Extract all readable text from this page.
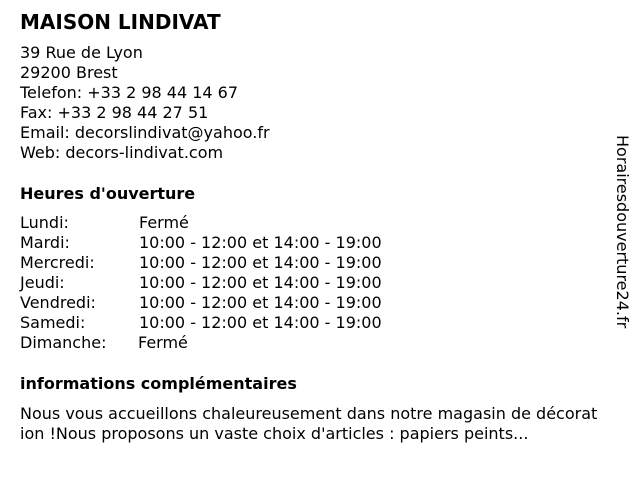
MAISON LINDIVAT
39 Rue de Lyon
29200 Brest
Telefon: +33 2 98 44 14 67
Fax: +33 2 98 44 27 51
Email: decorslindivat@yahoo.fr
Web: decors-lindivat.com
Heures d'ouverture
Lundi:	Fermé
Mardi:	10:00 - 12:00 et 14:00 - 19:00
Mercredi:	10:00 - 12:00 et 14:00 - 19:00
Jeudi:	10:00 - 12:00 et 14:00 - 19:00
Vendredi:	10:00 - 12:00 et 14:00 - 19:00
Samedi:	10:00 - 12:00 et 14:00 - 19:00
Dimanche: Fermé
informations complémentaires
Nous vous accueillons chaleureusement dans notre magasin de décoration !Nous proposons un vaste choix d'articles : papiers peints...
Horairesdouverture24.fr
